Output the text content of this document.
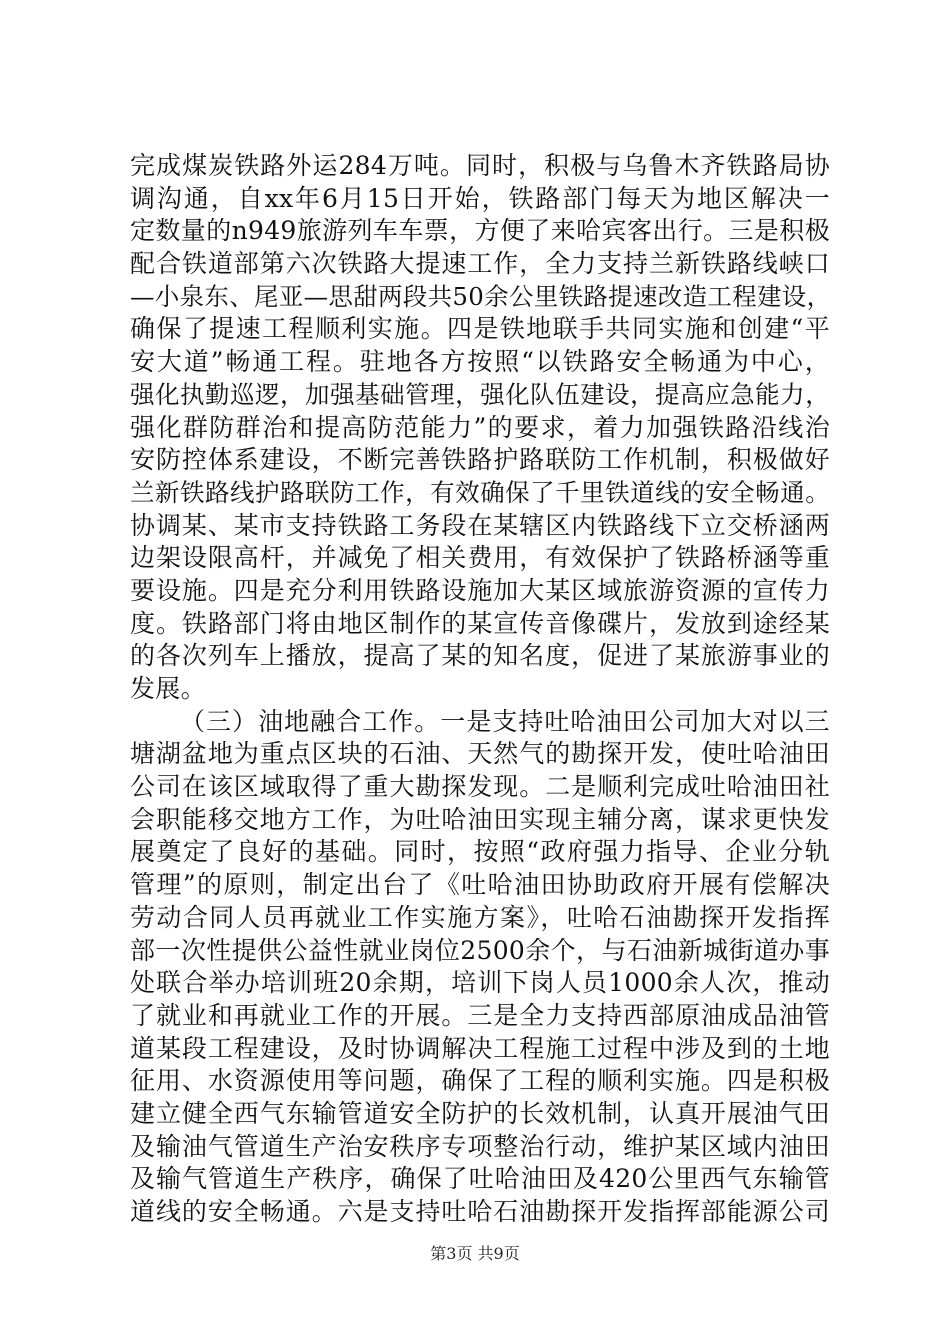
完成煤炭铁路外运284万吨。同时，积极与乌鲁木齐铁路局协
调沟通，自xx年6月15日开始，铁路部门每天为地区解决一
定数量的n949旅游列车车票，方便了来哈宾客出行。三是积极
配合铁道部第六次铁路大提速工作，全力支持兰新铁路线峡口
—小泉东、尾亚—思甜两段共50余公里铁路提速改造工程建设，
确保了提速工程顺利实施。四是铁地联手共同实施和创建“平
安大道”畅通工程。驻地各方按照“以铁路安全畅通为中心，
强化执勤巡逻，加强基础管理，强化队伍建设，提高应急能力，
强化群防群治和提高防范能力”的要求，着力加强铁路沿线治
安防控体系建设，不断完善铁路护路联防工作机制，积极做好
兰新铁路线护路联防工作，有效确保了千里铁道线的安全畅通。
协调某、某市支持铁路工务段在某辖区内铁路线下立交桥涵两
边架设限高杆，并减免了相关费用，有效保护了铁路桥涵等重
要设施。四是充分利用铁路设施加大某区域旅游资源的宣传力
度。铁路部门将由地区制作的某宣传音像碟片，发放到途经某
的各次列车上播放，提高了某的知名度，促进了某旅游事业的
发展。
（三）油地融合工作。一是支持吐哈油田公司加大对以三
塘湖盆地为重点区块的石油、天然气的勘探开发，使吐哈油田
公司在该区域取得了重大勘探发现。二是顺利完成吐哈油田社
会职能移交地方工作，为吐哈油田实现主辅分离，谋求更快发
展奠定了良好的基础。同时，按照“政府强力指导、企业分轨
管理”的原则，制定出台了《吐哈油田协助政府开展有偿解决
劳动合同人员再就业工作实施方案》，吐哈石油勘探开发指挥
部一次性提供公益性就业岗位2500余个，与石油新城街道办事
处联合举办培训班20余期，培训下岗人员1000余人次，推动
了就业和再就业工作的开展。三是全力支持西部原油成品油管
道某段工程建设，及时协调解决工程施工过程中涉及到的土地
征用、水资源使用等问题，确保了工程的顺利实施。四是积极
建立健全西气东输管道安全防护的长效机制，认真开展油气田
及输油气管道生产治安秩序专项整治行动，维护某区域内油田
及输气管道生产秩序，确保了吐哈油田及420公里西气东输管
道线的安全畅通。六是支持吐哈石油勘探开发指挥部能源公司
第3页 共9页
